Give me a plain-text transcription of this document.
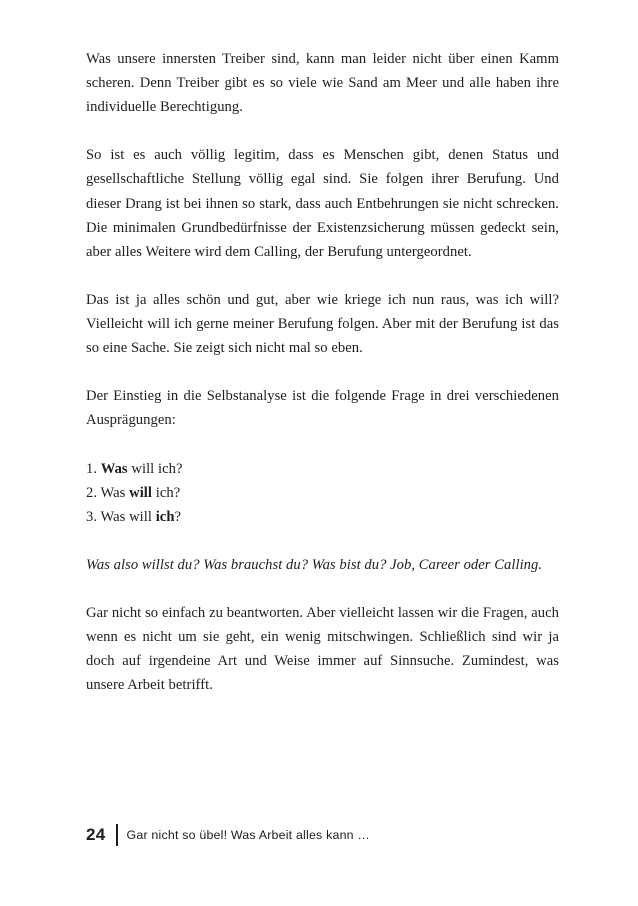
Was unsere innersten Treiber sind, kann man leider nicht über einen Kamm scheren. Denn Treiber gibt es so viele wie Sand am Meer und alle haben ihre individuelle Berechtigung.

So ist es auch völlig legitim, dass es Menschen gibt, denen Status und gesellschaftliche Stellung völlig egal sind. Sie folgen ihrer Berufung. Und dieser Drang ist bei ihnen so stark, dass auch Entbehrungen sie nicht schrecken. Die minimalen Grundbedürfnisse der Existenzsicherung müssen gedeckt sein, aber alles Weitere wird dem Calling, der Berufung untergeordnet.

Das ist ja alles schön und gut, aber wie kriege ich nun raus, was ich will? Vielleicht will ich gerne meiner Berufung folgen. Aber mit der Berufung ist das so eine Sache. Sie zeigt sich nicht mal so eben.

Der Einstieg in die Selbstanalyse ist die folgende Frage in drei verschiedenen Ausprägungen:

1. Was will ich?
2. Was will ich?
3. Was will ich?

Was also willst du? Was brauchst du? Was bist du? Job, Career oder Calling.

Gar nicht so einfach zu beantworten. Aber vielleicht lassen wir die Fragen, auch wenn es nicht um sie geht, ein wenig mitschwingen. Schließlich sind wir ja doch auf irgendeine Art und Weise immer auf Sinnsuche. Zumindest, was unsere Arbeit betrifft.

24 Gar nicht so übel! Was Arbeit alles kann …
